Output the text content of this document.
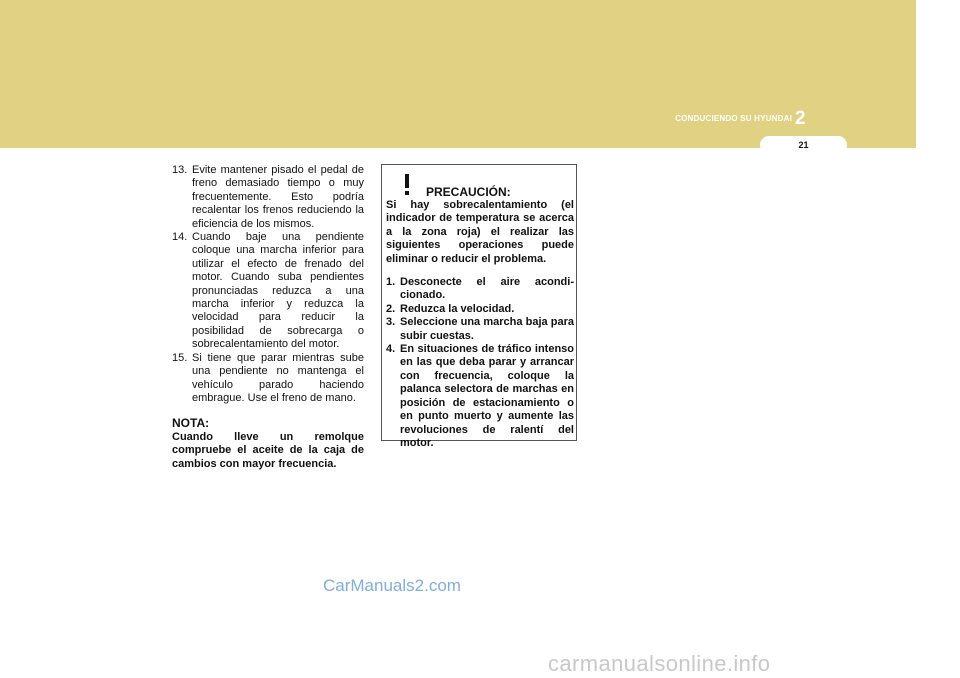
CONDUCIENDO SU HYUNDAI 2
21
13. Evite mantener pisado el pedal de freno demasiado tiempo o muy frecuentemente. Esto podría recalentar los frenos reduciendo la eficiencia de los mismos.
14. Cuando baje una pendiente coloque una marcha inferior para utilizar el efecto de frenado del motor. Cuando suba pendientes pronunciadas reduzca a una marcha inferior y reduzca la velocidad para reducir la posibilidad de sobrecarga o sobrecalentamiento del motor.
15. Si tiene que parar mientras sube una pendiente no mantenga el vehículo parado haciendo embrague. Use el freno de mano.
NOTA:
Cuando lleve un remolque compruebe el aceite de la caja de cambios con mayor frecuencia.
PRECAUCIÓN:
Si hay sobrecalentamiento (el indicador de temperatura se acerca a la zona roja) el realizar las siguientes operaciones puede eliminar o reducir el problema.
1. Desconecte el aire acondi-cionado.
2. Reduzca la velocidad.
3. Seleccione una marcha baja para subir cuestas.
4. En situaciones de tráfico intenso en las que deba parar y arrancar con frecuencia, coloque la palanca selectora de marchas en posición de estacionamiento o en punto muerto y aumente las revoluciones de ralentí del motor.
CarManuals2.com
carmanualsonline.info
